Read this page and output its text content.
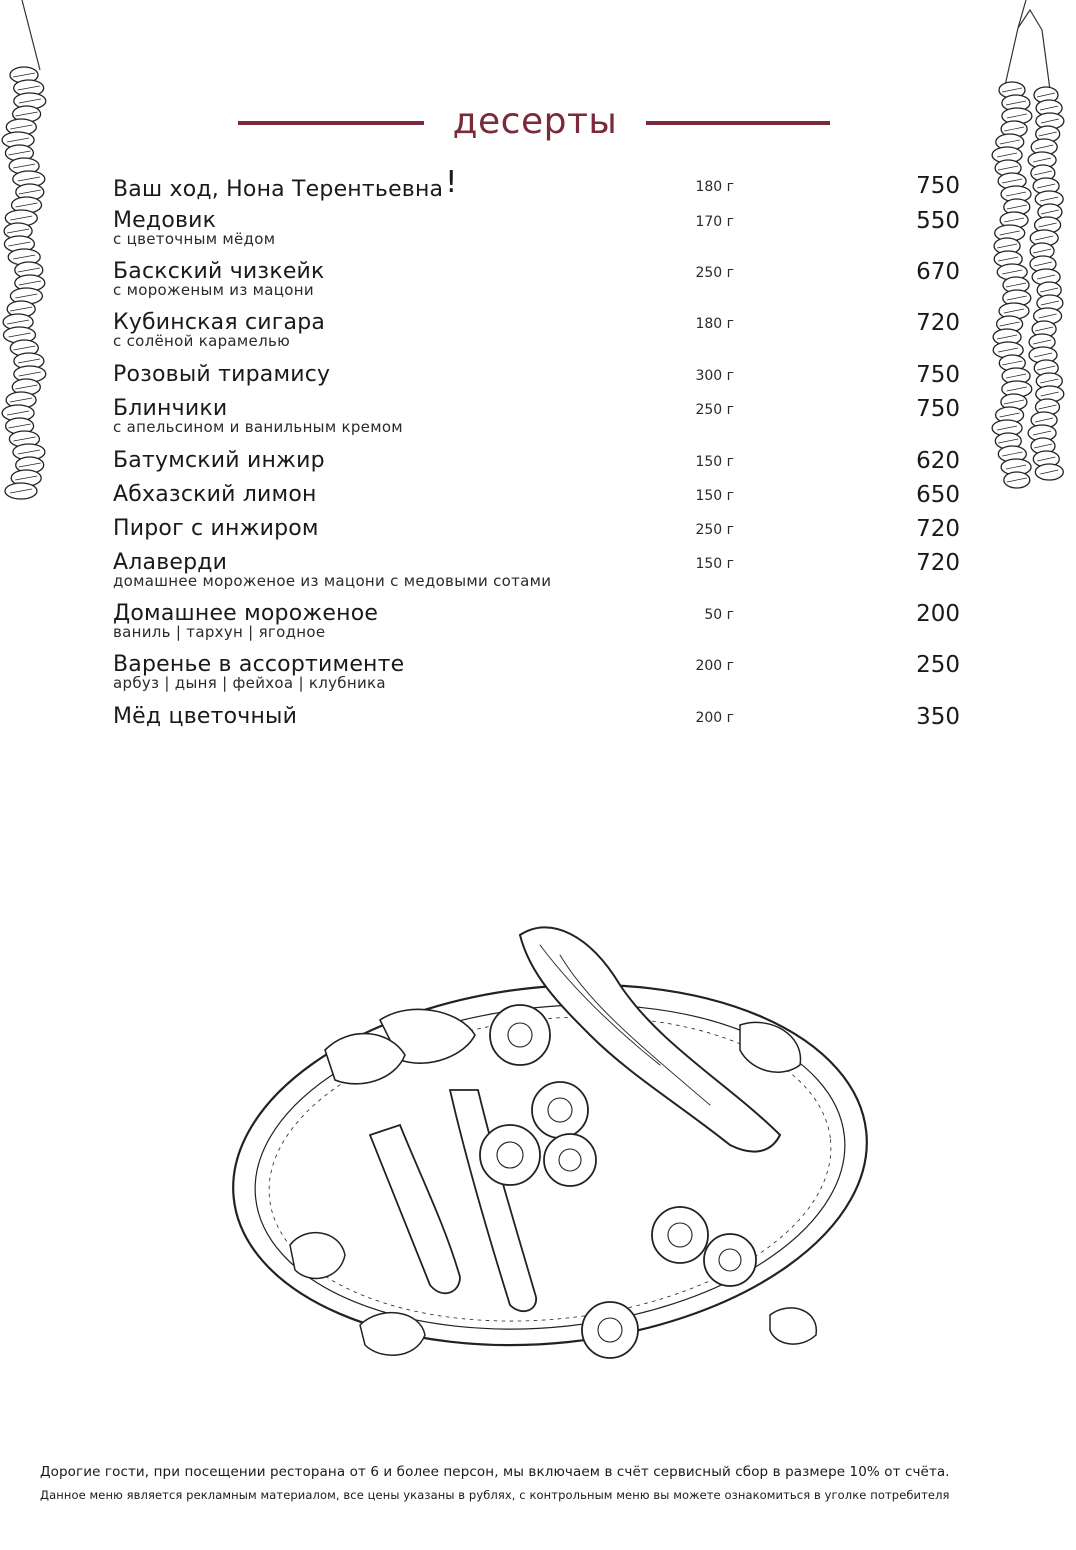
десерты
Ваш ход, Нона Терентьевна!	180 г	750
Медовик
с цветочным мёдом
170 г	550
Баскский чизкейк
с мороженым из мацони
250 г	670
Кубинская сигара
с солёной карамелью
180 г	720
Розовый тирамису	300 г	750
Блинчики
с апельсином и ванильным кремом
250 г	750
Батумский инжир	150 г	620
Абхазский лимон	150 г	650
Пирог с инжиром	250 г	720
Алаверди
домашнее мороженое из мацони с медовыми сотами
150 г	720
Домашнее мороженое
ваниль | тархун | ягодное
50 г	200
Варенье в ассортименте
арбуз | дыня | фейхоа | клубника
200 г	250
Мёд цветочный	200 г	350
Дорогие гости, при посещении ресторана от 6 и более персон, мы включаем в счёт сервисный сбор в размере 10% от счёта.
Данное меню является рекламным материалом, все цены указаны в рублях, с контрольным меню вы можете ознакомиться в уголке потребителя
